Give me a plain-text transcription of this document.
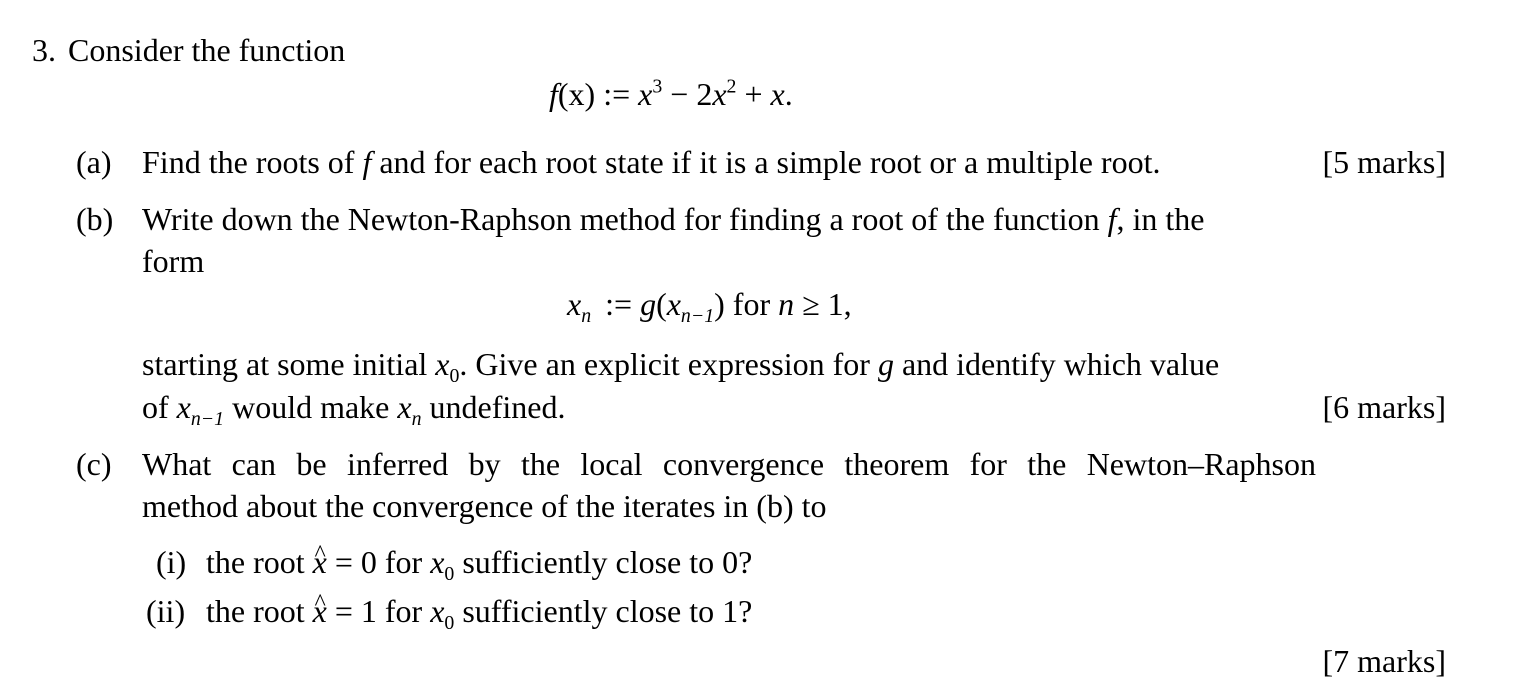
3. Consider the function
f(x) := $x^3 - 2x^2 + x$.
(a) Find the roots of f and for each root state if it is a simple root or a multiple root.	[5 marks]
(b) Write down the Newton-Raphson method for finding a root of the function f, in the
form
$x_n$ := $g(x_{n-1})$ for n ≥ 1,
starting at some initial $x_0$. Give an explicit expression for g and identify which value
of $x_{n-1}$ would make $x_n$ undefined.	[6 marks]
(c) What can be inferred by the local convergence theorem for the Newton–Raphson
method about the convergence of the iterates in (b) to
(i) the root x ^ = 0 for $x_0$ sufficiently close to 0?
(ii) the root x ^ = 1 for $x_0$ sufficiently close to 1?
[7 marks]
